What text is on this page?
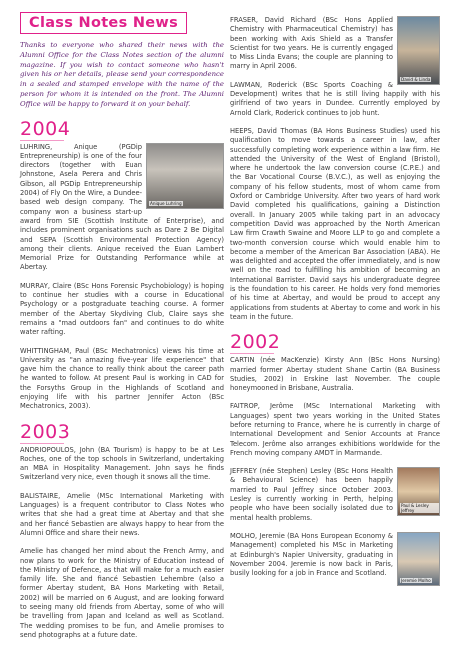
Class Notes News
Thanks to everyone who shared their news with the Alumni Office for the Class Notes section of the alumni magazine. If you wish to contact someone who hasn't given his or her details, please send your correspondence in a sealed and stamped envelope with the name of the person for whom it is intended on the front. The Alumni Office will be happy to forward it on your behalf.
2004
Anique Luhring

LUHRING, Anique (PGDip Entrepreneurship) is one of the four directors (together with Euan Johnstone, Asela Perera and Chris Gibson, all PGDip Entrepreneurship 2004) of Fly On the Wire, a Dundee-based web design company. The company won a business start-up award from SIE (Scottish Institute of Enterprise), and includes prominent organisations such as Dare 2 Be Digital and SEPA (Scottish Environmental Protection Agency) among their clients. Anique received the Euan Lambert Memorial Prize for Outstanding Performance while at Abertay.

MURRAY, Claire (BSc Hons Forensic Psychobiology) is hoping to continue her studies with a course in Educational Psychology or a postgraduate teaching course. A former member of the Abertay Skydiving Club, Claire says she remains a "mad outdoors fan" and continues to do white water rafting.

WHITTINGHAM, Paul (BSc Mechatronics) views his time at University as "an amazing five-year life experience" that gave him the chance to really think about the career path he wanted to follow. At present Paul is working in CAD for the Forsyths Group in the Highlands of Scotland and enjoying life with his partner Jennifer Acton (BSc Mechatronics, 2003).

2003

ANDRIOPOULOS, John (BA Tourism) is happy to be at Les Roches, one of the top schools in Switzerland, undertaking an MBA in Hospitality Management. John says he finds Switzerland very nice, even though it snows all the time.

BALISTAIRE, Amelie (MSc International Marketing with Languages) is a frequent contributor to Class Notes who writes that she had a great time at Abertay and that she and her fiancé Sebastien are always happy to hear from the Alumni Office and share their news.

Amelie has changed her mind about the French Army, and now plans to work for the Ministry of Education instead of the Ministry of Defence, as that will make for a much easier family life. She and fiancé Sebastien Lehembre (also a former Abertay student, BA Hons Marketing with Retail, 2002) will be married on 6 August, and are looking forward to seeing many old friends from Abertay, some of who will be travelling from Japan and Iceland as well as Scotland. The wedding promises to be fun, and Amelie promises to send photographs at a future date.

David & Linda

FRASER, David Richard (BSc Hons Applied Chemistry with Pharmaceutical Chemistry) has been working with Axis Shield as a Transfer Scientist for two years. He is currently engaged to Miss Linda Evans; the couple are planning to marry in April 2006.

LAWMAN, Roderick (BSc Sports Coaching & Development) writes that he is still living happily with his girlfriend of two years in Dundee. Currently employed by Arnold Clark, Roderick continues to job hunt.

HEEPS, David Thomas (BA Hons Business Studies) used his qualification to move towards a career in law, after successfully completing work experience within a law firm. He attended the University of the West of England (Bristol), where he undertook the law conversion course (C.P.E.) and the Bar Vocational Course (B.V.C.), as well as enjoying the company of his fellow students, most of whom came from Oxford or Cambridge University. After two years of hard work David completed his qualifications, gaining a Distinction overall. In January 2005 while taking part in an advocacy competition David was approached by the North American Law firm Crawth Swaine and Moore LLP to go and complete a two-month conversion course which would enable him to become a member of the American Bar Association (ABA). He was delighted and accepted the offer immediately, and is now well on the road to fulfilling his ambition of becoming an International Barrister. David says his undergraduate degree is the foundation to his career. He holds very fond memories of his time at Abertay, and would be proud to accept any applications from students at Abertay to come and work in his team in the future.

2002

CARTIN (née MacKenzie) Kirsty Ann (BSc Hons Nursing) married former Abertay student Shane Cartin (BA Business Studies, 2002) in Erskine last November. The couple honeymooned in Brisbane, Australia.

FAITROP, Jerôme (MSc International Marketing with Languages) spent two years working in the United States before returning to France, where he is currently in charge of International Development and Senior Accounts at France Telecom. Jerôme also arranges exhibitions worldwide for the French moving company AMDT in Marmande.

Paul & Lesley Jeffrey

JEFFREY (née Stephen) Lesley (BSc Hons Health & Behavioural Science) has been happily married to Paul Jeffrey since October 2003. Lesley is currently working in Perth, helping people who have been socially isolated due to mental health problems.

Jeremie Molho

MOLHO, Jeremie (BA Hons European Economy & Management) completed his MSc in Marketing at Edinburgh's Napier University, graduating in November 2004. Jeremie is now back in Paris, busily looking for a job in France and Scotland.
